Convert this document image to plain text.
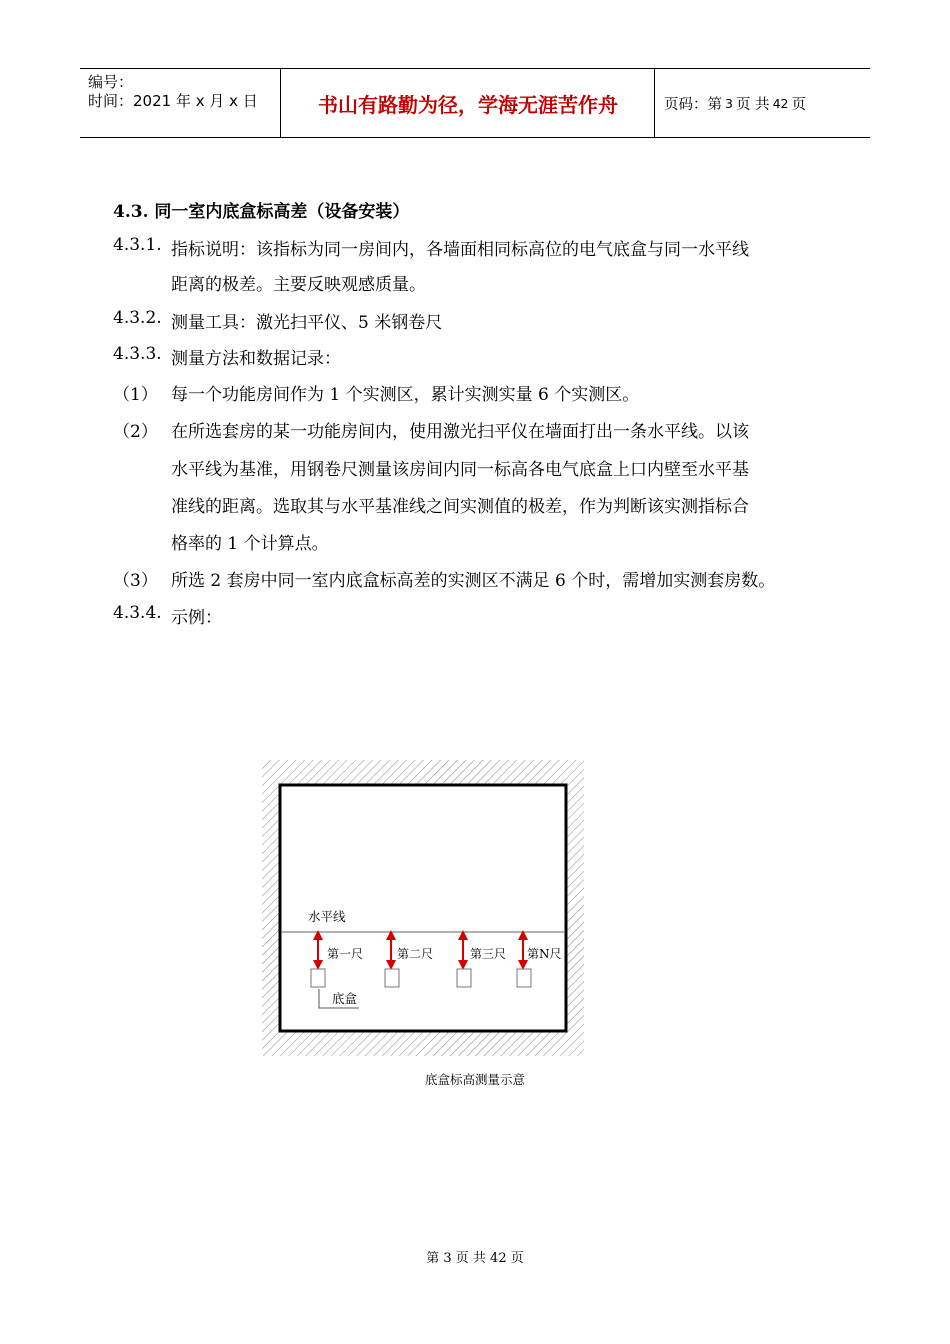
编号：
时间：2021 年 x 月 x 日	书山有路勤为径，学海无涯苦作舟	页码：第 3 页 共 42 页
4.3. 同一室内底盒标高差（设备安装）
4.3.1. 指标说明：该指标为同一房间内，各墙面相同标高位的电气底盒与同一水平线
距离的极差。主要反映观感质量。
4.3.2. 测量工具：激光扫平仪、5 米钢卷尺
4.3.3. 测量方法和数据记录：
（1） 每一个功能房间作为 1 个实测区，累计实测实量 6 个实测区。
（2） 在所选套房的某一功能房间内，使用激光扫平仪在墙面打出一条水平线。以该
水平线为基准，用钢卷尺测量该房间内同一标高各电气底盒上口内壁至水平基
准线的距离。选取其与水平基准线之间实测值的极差，作为判断该实测指标合
格率的 1 个计算点。
（3） 所选 2 套房中同一室内底盒标高差的实测区不满足 6 个时，需增加实测套房数。
4.3.4. 示例：
水平线
第一尺	第二尺	第三尺 第N尺
底盒
底盒标高测量示意
第 3 页 共 42 页
